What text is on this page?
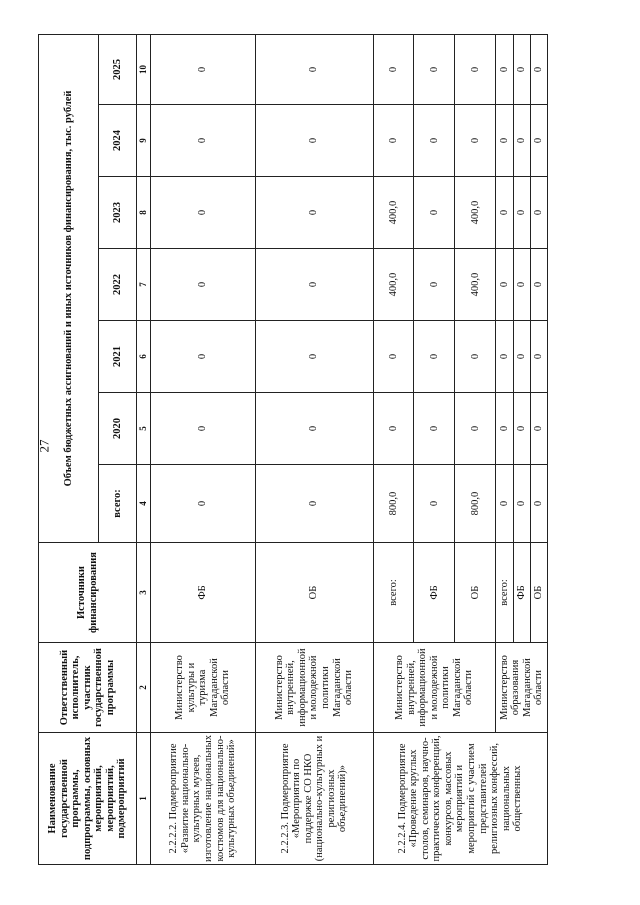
27
Наименование государственной программы, подпрограммы, основных мероприятий, мероприятий, подмероприятий	Ответственный исполнитель, участник государственной программы	Источники финансирования	Объем бюджетных ассигнований и иных источников финансирования, тыс. рублей						
			всего:	2020	2021	2022	2023	2024	2025
1	2	3	4	5	6	7	8	9	10
2.2.2.2. Подмероприятие «Развитие национально-культурных музеев, изготовление национальных костюмов для национально-культурных объединений»	Министерство культуры и туризма Магаданской области	ФБ	0	0	0	0	0	0	0
2.2.2.3. Подмероприятие «Мероприятия по поддержке СО НКО (национально-культурных и религиозных объединений)»	Министерство внутренней, информационной и молодежной политики Магаданской области	ОБ	0	0	0	0	0	0	0
2.2.2.4. Подмероприятие «Проведение круглых столов, семинаров, научно-практических конференций, конкурсов, массовых мероприятий и мероприятий с участием представителей религиозных конфессий, национальных общественных	Министерство внутренней, информационной и молодежной политики Магаданской области	всего:	800,0	0	0	400,0	400,0	0	0
		ФБ	0	0	0	0	0	0	0
		ОБ	800,0	0	0	400,0	400,0	0	0
	Министерство образования Магаданской области	всего:	0	0	0	0	0	0	0
		ФБ	0	0	0	0	0	0	0
		ОБ	0	0	0	0	0	0	0
